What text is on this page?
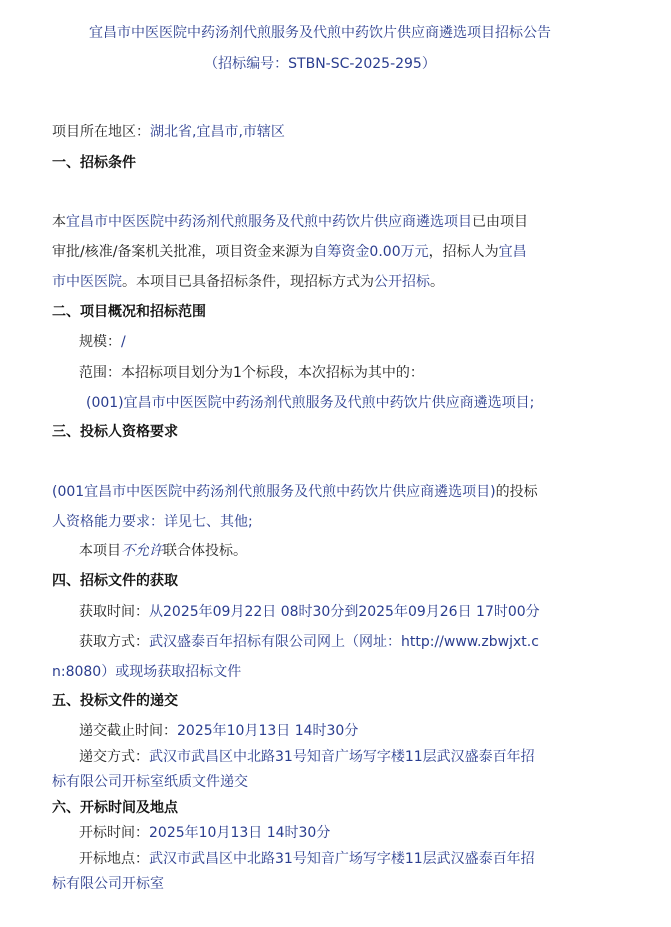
宜昌市中医医院中药汤剂代煎服务及代煎中药饮片供应商遴选项目招标公告
（招标编号：STBN-SC-2025-295）
项目所在地区：湖北省,宜昌市,市辖区
一、招标条件
本宜昌市中医医院中药汤剂代煎服务及代煎中药饮片供应商遴选项目已由项目
审批/核准/备案机关批准，项目资金来源为自筹资金0.00万元，招标人为宜昌
市中医医院。本项目已具备招标条件，现招标方式为公开招标。
二、项目概况和招标范围
规模：/
范围：本招标项目划分为1个标段，本次招标为其中的：
(001)宜昌市中医医院中药汤剂代煎服务及代煎中药饮片供应商遴选项目;
三、投标人资格要求
(001宜昌市中医医院中药汤剂代煎服务及代煎中药饮片供应商遴选项目)的投标
人资格能力要求：详见七、其他;
本项目不允许联合体投标。
四、招标文件的获取
获取时间：从2025年09月22日 08时30分到2025年09月26日 17时00分
获取方式：武汉盛泰百年招标有限公司网上（网址：http://www.zbwjxt.c
n:8080）或现场获取招标文件
五、投标文件的递交
递交截止时间：2025年10月13日 14时30分
递交方式：武汉市武昌区中北路31号知音广场写字楼11层武汉盛泰百年招
标有限公司开标室纸质文件递交
六、开标时间及地点
开标时间：2025年10月13日 14时30分
开标地点：武汉市武昌区中北路31号知音广场写字楼11层武汉盛泰百年招
标有限公司开标室
